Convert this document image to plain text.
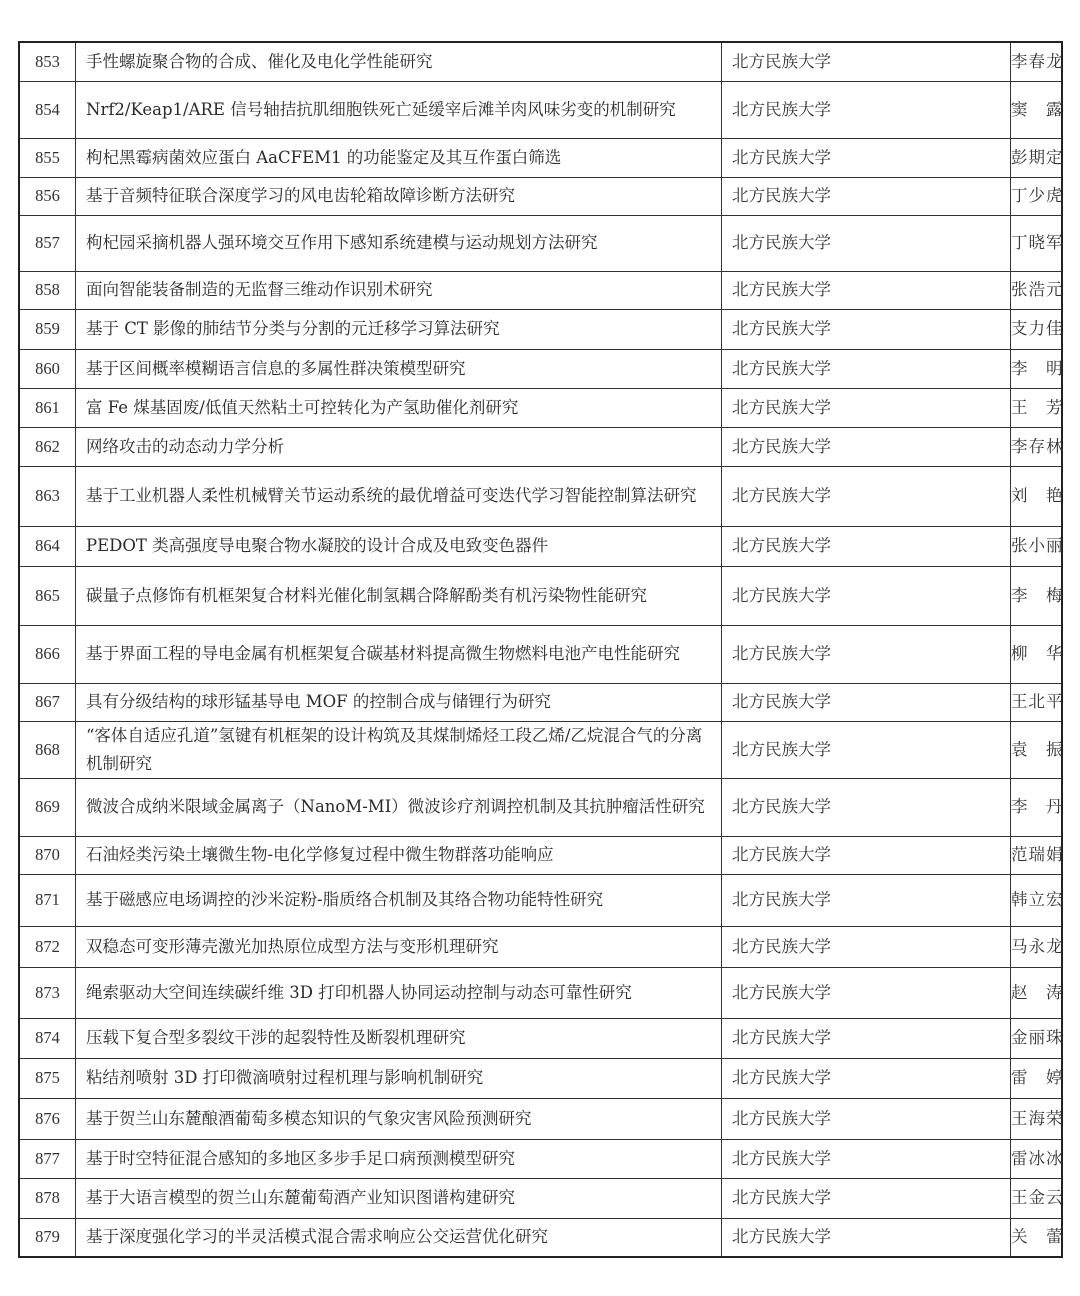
853	手性螺旋聚合物的合成、催化及电化学性能研究	北方民族大学	李春龙
854	Nrf2/Keap1/ARE 信号轴拮抗肌细胞铁死亡延缓宰后滩羊肉风味劣变的机制研究	北方民族大学	窦　露
855	枸杞黑霉病菌效应蛋白 AaCFEM1 的功能鉴定及其互作蛋白筛选	北方民族大学	彭期定
856	基于音频特征联合深度学习的风电齿轮箱故障诊断方法研究	北方民族大学	丁少虎
857	枸杞园采摘机器人强环境交互作用下感知系统建模与运动规划方法研究	北方民族大学	丁晓军
858	面向智能装备制造的无监督三维动作识别术研究	北方民族大学	张浩元
859	基于 CT 影像的肺结节分类与分割的元迁移学习算法研究	北方民族大学	支力佳
860	基于区间概率模糊语言信息的多属性群决策模型研究	北方民族大学	李　明
861	富 Fe 煤基固废/低值天然粘土可控转化为产氢助催化剂研究	北方民族大学	王　芳
862	网络攻击的动态动力学分析	北方民族大学	李存林
863	基于工业机器人柔性机械臂关节运动系统的最优增益可变迭代学习智能控制算法研究	北方民族大学	刘　艳
864	PEDOT 类高强度导电聚合物水凝胶的设计合成及电致变色器件	北方民族大学	张小丽
865	碳量子点修饰有机框架复合材料光催化制氢耦合降解酚类有机污染物性能研究	北方民族大学	李　梅
866	基于界面工程的导电金属有机框架复合碳基材料提高微生物燃料电池产电性能研究	北方民族大学	柳　华
867	具有分级结构的球形锰基导电 MOF 的控制合成与储锂行为研究	北方民族大学	王北平
868	“客体自适应孔道”氢键有机框架的设计构筑及其煤制烯烃工段乙烯/乙烷混合气的分离机制研究	北方民族大学	袁　振
869	微波合成纳米限域金属离子（NanoM-MI）微波诊疗剂调控机制及其抗肿瘤活性研究	北方民族大学	李　丹
870	石油烃类污染土壤微生物-电化学修复过程中微生物群落功能响应	北方民族大学	范瑞娟
871	基于磁感应电场调控的沙米淀粉-脂质络合机制及其络合物功能特性研究	北方民族大学	韩立宏
872	双稳态可变形薄壳激光加热原位成型方法与变形机理研究	北方民族大学	马永龙
873	绳索驱动大空间连续碳纤维 3D 打印机器人协同运动控制与动态可靠性研究	北方民族大学	赵　涛
874	压载下复合型多裂纹干涉的起裂特性及断裂机理研究	北方民族大学	金丽珠
875	粘结剂喷射 3D 打印微滴喷射过程机理与影响机制研究	北方民族大学	雷　婷
876	基于贺兰山东麓酿酒葡萄多模态知识的气象灾害风险预测研究	北方民族大学	王海荣
877	基于时空特征混合感知的多地区多步手足口病预测模型研究	北方民族大学	雷冰冰
878	基于大语言模型的贺兰山东麓葡萄酒产业知识图谱构建研究	北方民族大学	王金云
879	基于深度强化学习的半灵活模式混合需求响应公交运营优化研究	北方民族大学	关　蕾
